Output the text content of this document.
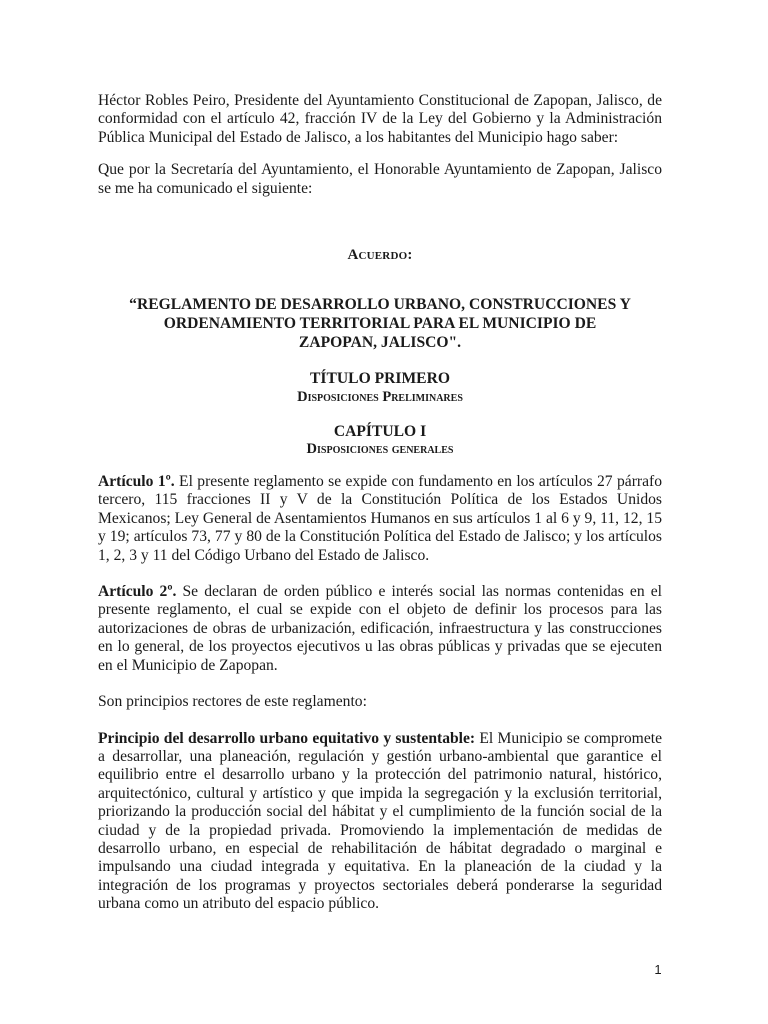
Héctor Robles Peiro, Presidente del Ayuntamiento Constitucional de Zapopan, Jalisco, de conformidad con el artículo 42, fracción IV de la Ley del Gobierno y la Administración Pública Municipal del Estado de Jalisco, a los habitantes del Municipio hago saber:

Que por la Secretaría del Ayuntamiento, el Honorable Ayuntamiento de Zapopan, Jalisco se me ha comunicado el siguiente:

Acuerdo:

“REGLAMENTO DE DESARROLLO URBANO, CONSTRUCCIONES Y ORDENAMIENTO TERRITORIAL PARA EL MUNICIPIO DE ZAPOPAN, JALISCO".

TÍTULO PRIMERO

Disposiciones Preliminares

CAPÍTULO I

Disposiciones generales

Artículo 1º. El presente reglamento se expide con fundamento en los artículos 27 párrafo tercero, 115 fracciones II y V de la Constitución Política de los Estados Unidos Mexicanos; Ley General de Asentamientos Humanos en sus artículos 1 al 6 y 9, 11, 12, 15 y 19; artículos 73, 77 y 80 de la Constitución Política del Estado de Jalisco; y los artículos 1, 2, 3 y 11 del Código Urbano del Estado de Jalisco.

Artículo 2º. Se declaran de orden público e interés social las normas contenidas en el presente reglamento, el cual se expide con el objeto de definir los procesos para las autorizaciones de obras de urbanización, edificación, infraestructura y las construcciones en lo general, de los proyectos ejecutivos u las obras públicas y privadas que se ejecuten en el Municipio de Zapopan.

Son principios rectores de este reglamento:

Principio del desarrollo urbano equitativo y sustentable: El Municipio se compromete a desarrollar, una planeación, regulación y gestión urbano-ambiental que garantice el equilibrio entre el desarrollo urbano y la protección del patrimonio natural, histórico, arquitectónico, cultural y artístico y que impida la segregación y la exclusión territorial, priorizando la producción social del hábitat y el cumplimiento de la función social de la ciudad y de la propiedad privada. Promoviendo la implementación de medidas de desarrollo urbano, en especial de rehabilitación de hábitat degradado o marginal e impulsando una ciudad integrada y equitativa. En la planeación de la ciudad y la integración de los programas y proyectos sectoriales deberá ponderarse la seguridad urbana como un atributo del espacio público.

1
